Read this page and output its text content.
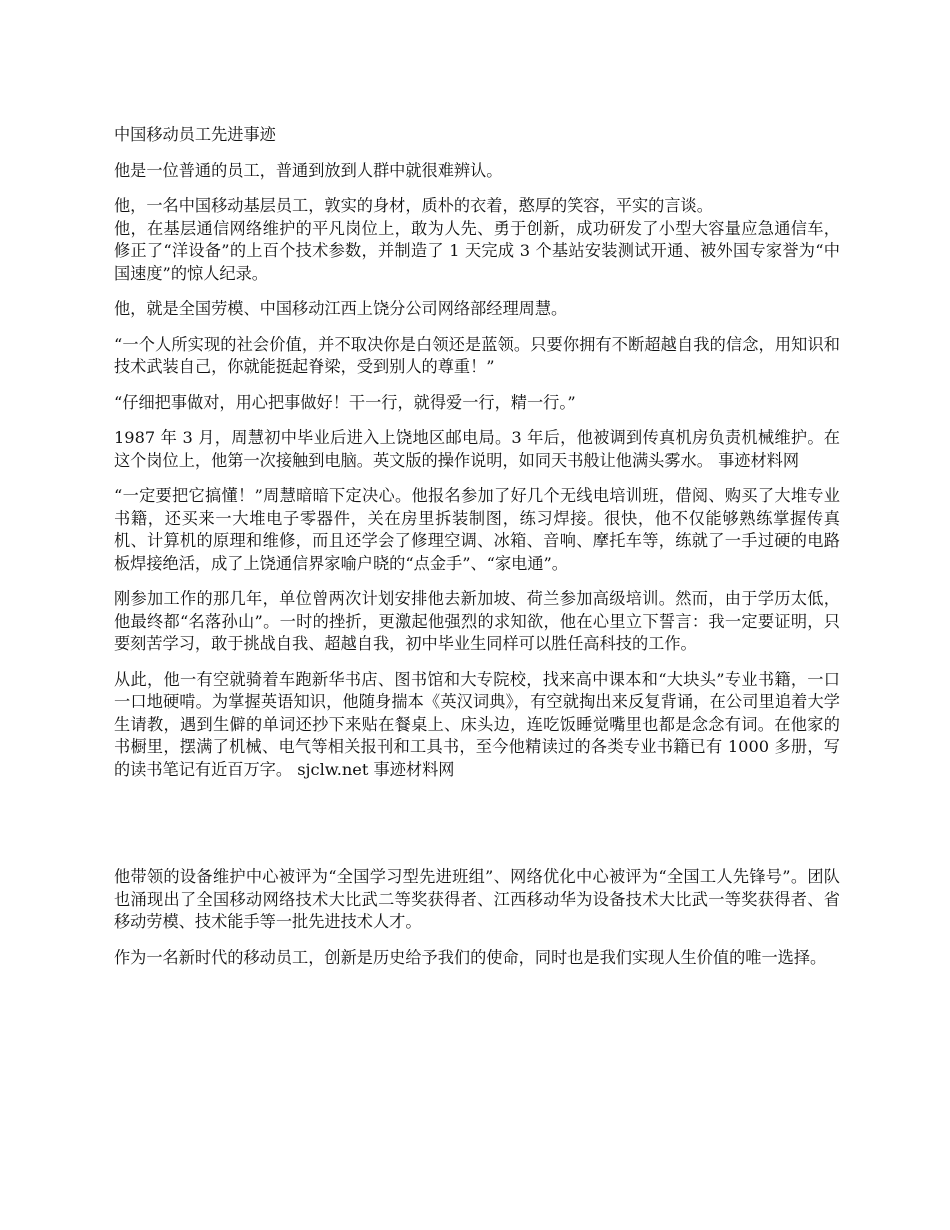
中国移动员工先进事迹

他是一位普通的员工，普通到放到人群中就很难辨认。

他，一名中国移动基层员工，敦实的身材，质朴的衣着，憨厚的笑容，平实的言谈。

他，在基层通信网络维护的平凡岗位上，敢为人先、勇于创新，成功研发了小型大容量应急通信车，修正了“洋设备”的上百个技术参数，并制造了 1 天完成 3 个基站安装测试开通、被外国专家誉为“中国速度”的惊人纪录。

他，就是全国劳模、中国移动江西上饶分公司网络部经理周慧。

“一个人所实现的社会价值，并不取决你是白领还是蓝领。只要你拥有不断超越自我的信念，用知识和技术武装自己，你就能挺起脊梁，受到别人的尊重！”

“仔细把事做对，用心把事做好！干一行，就得爱一行，精一行。”

1987 年 3 月，周慧初中毕业后进入上饶地区邮电局。3 年后，他被调到传真机房负责机械维护。在这个岗位上，他第一次接触到电脑。英文版的操作说明，如同天书般让他满头雾水。 事迹材料网

“一定要把它搞懂！”周慧暗暗下定决心。他报名参加了好几个无线电培训班，借阅、购买了大堆专业书籍，还买来一大堆电子零器件，关在房里拆装制图，练习焊接。很快，他不仅能够熟练掌握传真机、计算机的原理和维修，而且还学会了修理空调、冰箱、音响、摩托车等，练就了一手过硬的电路板焊接绝活，成了上饶通信界家喻户晓的“点金手”、“家电通”。

刚参加工作的那几年，单位曾两次计划安排他去新加坡、荷兰参加高级培训。然而，由于学历太低，他最终都“名落孙山”。一时的挫折，更激起他强烈的求知欲，他在心里立下誓言：我一定要证明，只要刻苦学习，敢于挑战自我、超越自我，初中毕业生同样可以胜任高科技的工作。

从此，他一有空就骑着车跑新华书店、图书馆和大专院校，找来高中课本和“大块头”专业书籍，一口一口地硬啃。为掌握英语知识，他随身揣本《英汉词典》，有空就掏出来反复背诵，在公司里追着大学生请教，遇到生僻的单词还抄下来贴在餐桌上、床头边，连吃饭睡觉嘴里也都是念念有词。在他家的书橱里，摆满了机械、电气等相关报刊和工具书，至今他精读过的各类专业书籍已有 1000 多册，写的读书笔记有近百万字。 sjclw.net 事迹材料网

他带领的设备维护中心被评为“全国学习型先进班组”、网络优化中心被评为“全国工人先锋号”。团队也涌现出了全国移动网络技术大比武二等奖获得者、江西移动华为设备技术大比武一等奖获得者、省移动劳模、技术能手等一批先进技术人才。

作为一名新时代的移动员工，创新是历史给予我们的使命，同时也是我们实现人生价值的唯一选择。
